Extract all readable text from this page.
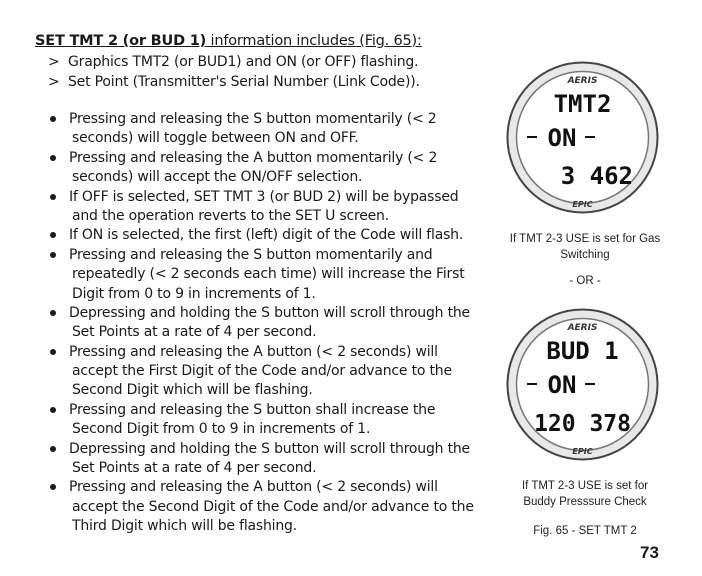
SET TMT 2 (or BUD 1) information includes (Fig. 65):
> Graphics TMT2 (or BUD1) and ON (or OFF) flashing.
> Set Point (Transmitter's Serial Number (Link Code)).
Pressing and releasing the S button momentarily (< 2
seconds) will toggle between ON and OFF.
Pressing and releasing the A button momentarily (< 2
seconds) will accept the ON/OFF selection.
If OFF is selected, SET TMT 3 (or BUD 2) will be bypassed
and the operation reverts to the SET U screen.
If ON is selected, the first (left) digit of the Code will flash.
Pressing and releasing the S button momentarily and
repeatedly (< 2 seconds each time) will increase the First
Digit from 0 to 9 in increments of 1.
Depressing and holding the S button will scroll through the
Set Points at a rate of 4 per second.
Pressing and releasing the A button (< 2 seconds) will
accept the First Digit of the Code and/or advance to the
Second Digit which will be flashing.
Pressing and releasing the S button shall increase the
Second Digit from 0 to 9 in increments of 1.
Depressing and holding the S button will scroll through the
Set Points at a rate of 4 per second.
Pressing and releasing the A button (< 2 seconds) will
accept the Second Digit of the Code and/or advance to the
Third Digit which will be flashing.
AERIS
TMT2
ON
3 462
EPIC
If TMT 2-3 USE is set for Gas
Switching
- OR -
AERIS
BUD 1
ON
120 378
EPIC
If TMT 2-3 USE is set for
Buddy Presssure Check
Fig. 65 - SET TMT 2
73
